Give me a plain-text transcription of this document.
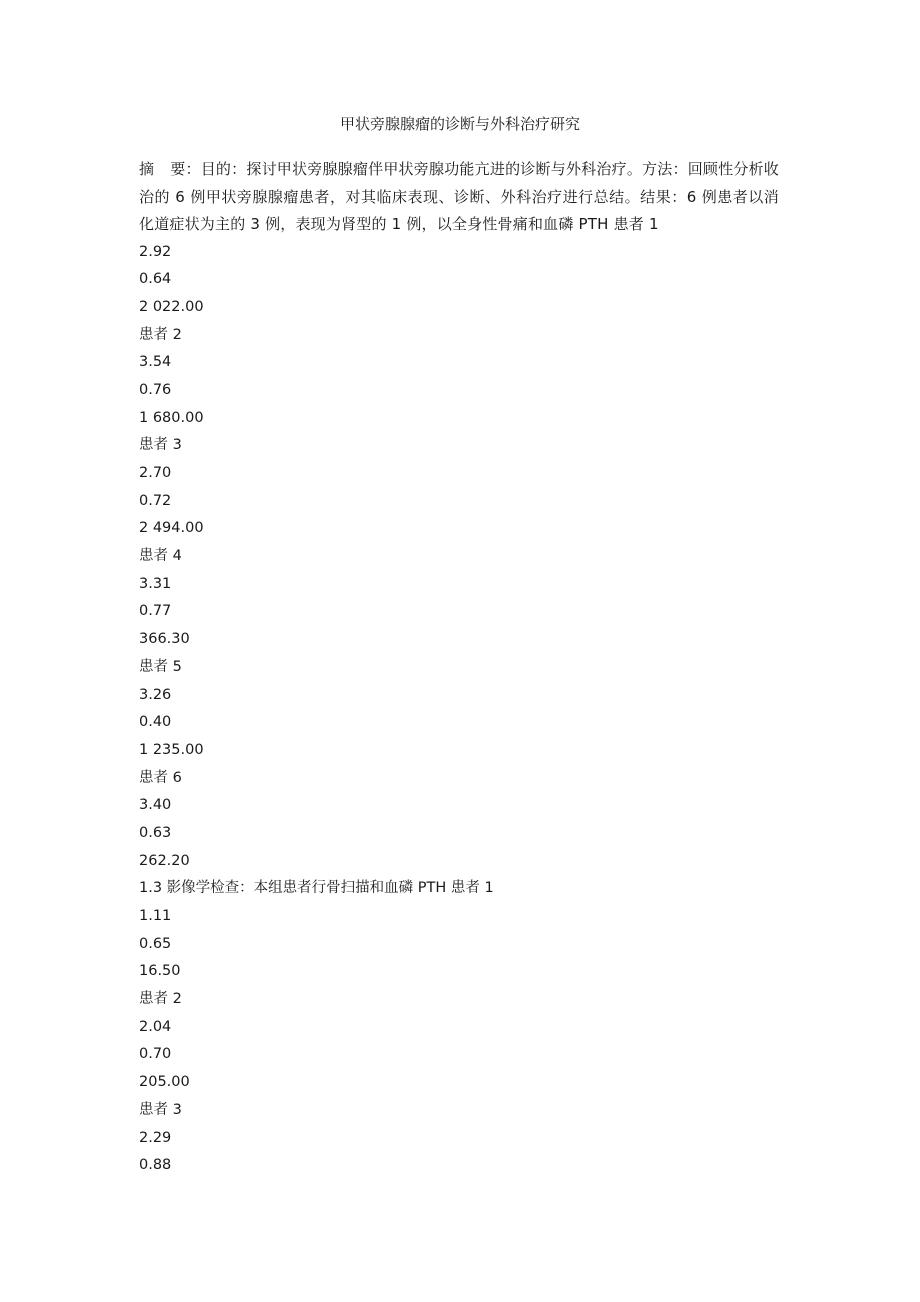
甲状旁腺腺瘤的诊断与外科治疗研究
摘 要：目的：探讨甲状旁腺腺瘤伴甲状旁腺功能亢进的诊断与外科治疗。方法：回顾性分析收治的 6 例甲状旁腺腺瘤患者，对其临床表现、诊断、外科治疗进行总结。结果：6 例患者以消化道症状为主的 3 例，表现为肾型的 1 例，以全身性骨痛和血磷 PTH 患者 1
2.92
0.64
2 022.00
患者 2
3.54
0.76
1 680.00
患者 3
2.70
0.72
2 494.00
患者 4
3.31
0.77
366.30
患者 5
3.26
0.40
1 235.00
患者 6
3.40
0.63
262.20
1.3 影像学检查：本组患者行骨扫描和血磷 PTH 患者 1
1.11
0.65
16.50
患者 2
2.04
0.70
205.00
患者 3
2.29
0.88
